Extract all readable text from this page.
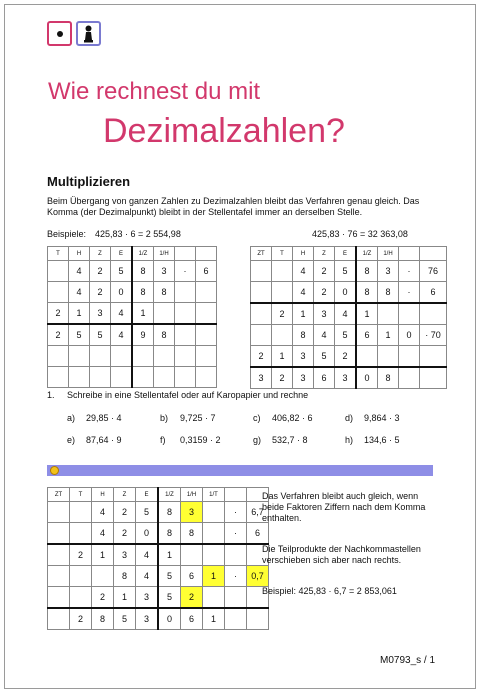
Wie rechnest du mit
Dezimalzahlen?
Multiplizieren
Beim Übergang von ganzen Zahlen zu Dezimalzahlen bleibt das Verfahren genau gleich. Das Komma (der Dezimalpunkt) bleibt in der Stellentafel immer an derselben Stelle.
Beispiele: 425,83 · 6 = 2 554,98	425,83 · 76 = 32 363,08
T	H	Z	E	1/Z	1/H		
	4	2	5	8	3	·	6
	4	2	0	8	8		
2	1	3	4	1			
2	5	5	4	9	8		

ZT	T	H	Z	E	1/Z	1/H		
		4	2	5	8	3	·	76
		4	2	0	8	8	·	6
	2	1	3	4	1			
		8	4	5	6	1	0	· 70
2	1	3	5	2				
3	2	3	6	3	0	8		
1. Schreibe in eine Stellentafel oder auf Karopapier und rechne
a) 29,85 · 4	b) 9,725 · 7	c) 406,82 · 6	d) 9,864 · 3
e) 87,64 · 9	f) 0,3159 · 2	g) 532,7 · 8	h) 134,6 · 5
ZT	T	H	Z	E	1/Z	1/H	1/T		
		4	2	5	8	3		·	6,7
		4	2	0	8	8		·	6
	2	1	3	4	1				
			8	4	5	6	1	·	0,7
		2	1	3	5	2			
	2	8	5	3	0	6	1		
Das Verfahren bleibt auch gleich, wenn beide Faktoren Ziffern nach dem Komma enthalten.
Die Teilprodukte der Nachkommastellen verschieben sich aber nach rechts.
Beispiel: 425,83 · 6,7 = 2 853,061
M0793_s / 1
